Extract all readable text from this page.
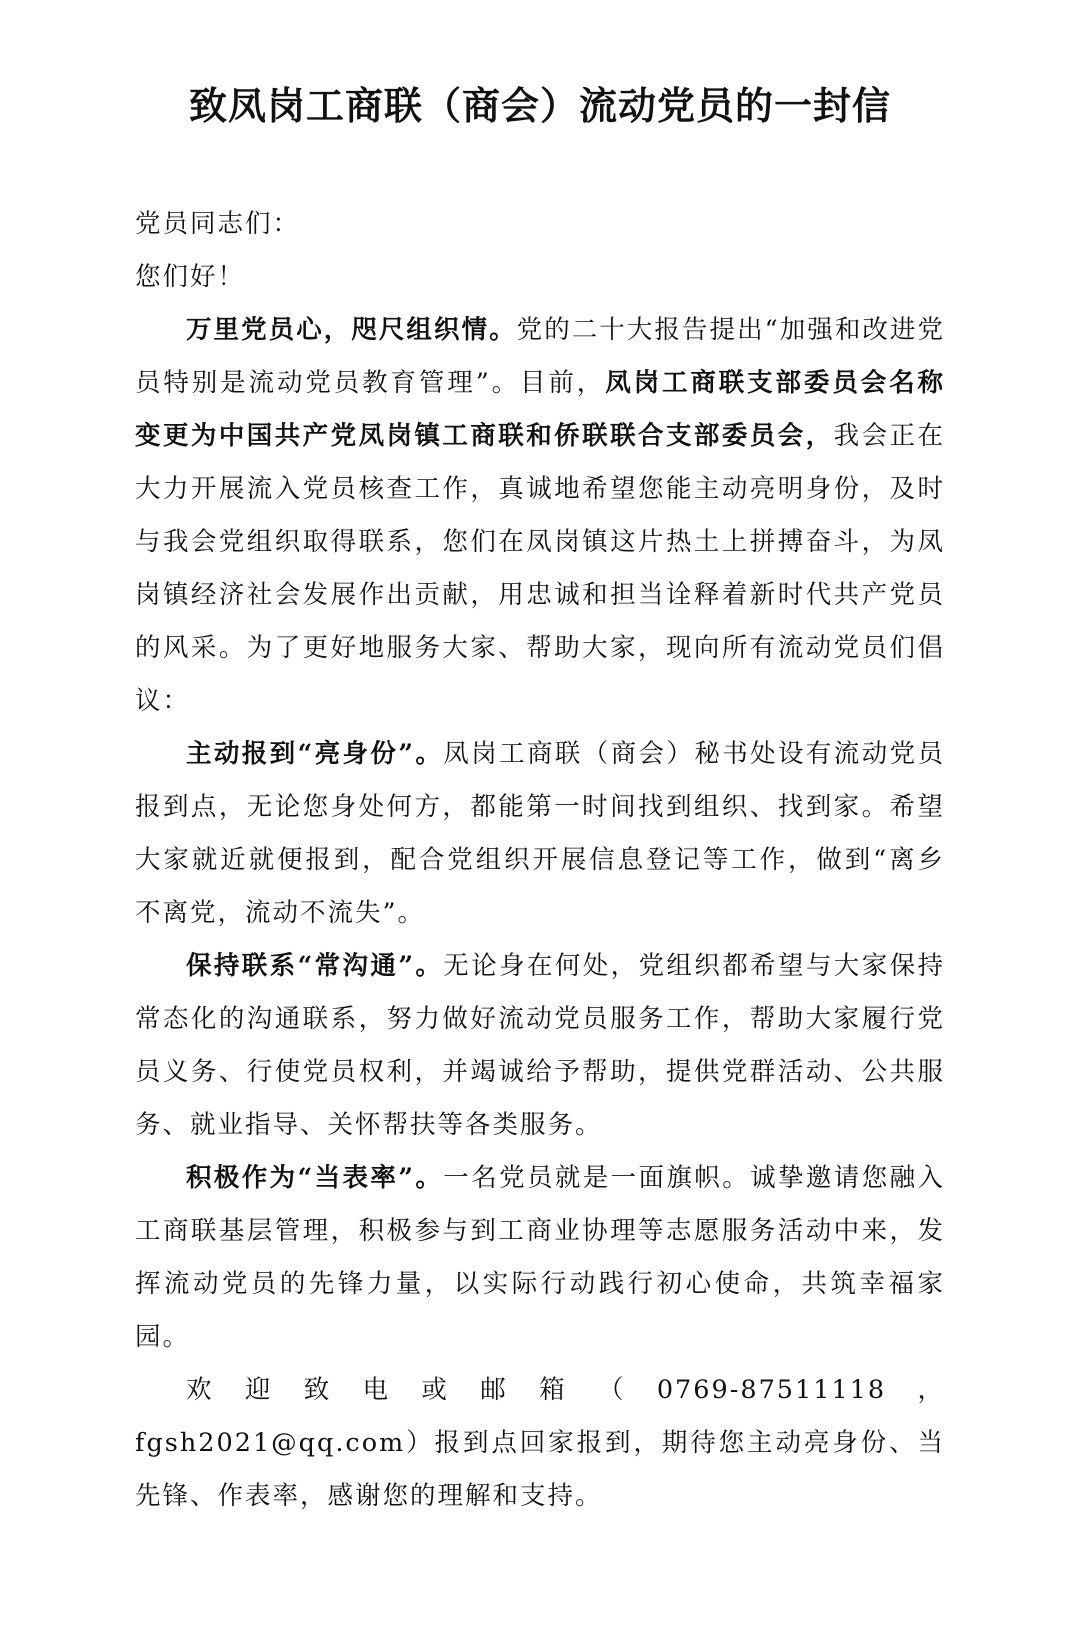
致凤岗工商联（商会）流动党员的一封信

党员同志们：

您们好！

万里党员心，咫尺组织情。党的二十大报告提出“加强和改进党员特别是流动党员教育管理”。目前，凤岗工商联支部委员会名称变更为中国共产党凤岗镇工商联和侨联联合支部委员会，我会正在大力开展流入党员核查工作，真诚地希望您能主动亮明身份，及时与我会党组织取得联系，您们在凤岗镇这片热土上拼搏奋斗，为凤岗镇经济社会发展作出贡献，用忠诚和担当诠释着新时代共产党员的风采。为了更好地服务大家、帮助大家，现向所有流动党员们倡议：

主动报到“亮身份”。凤岗工商联（商会）秘书处设有流动党员报到点，无论您身处何方，都能第一时间找到组织、找到家。希望大家就近就便报到，配合党组织开展信息登记等工作，做到“离乡不离党，流动不流失”。

保持联系“常沟通”。无论身在何处，党组织都希望与大家保持常态化的沟通联系，努力做好流动党员服务工作，帮助大家履行党员义务、行使党员权利，并竭诚给予帮助，提供党群活动、公共服务、就业指导、关怀帮扶等各类服务。

积极作为“当表率”。一名党员就是一面旗帜。诚挚邀请您融入工商联基层管理，积极参与到工商业协理等志愿服务活动中来，发挥流动党员的先锋力量，以实际行动践行初心使命，共筑幸福家园。

欢迎致电或邮箱（0769-87511118，fgsh2021@qq.com）报到点回家报到，期待您主动亮身份、当先锋、作表率，感谢您的理解和支持。
